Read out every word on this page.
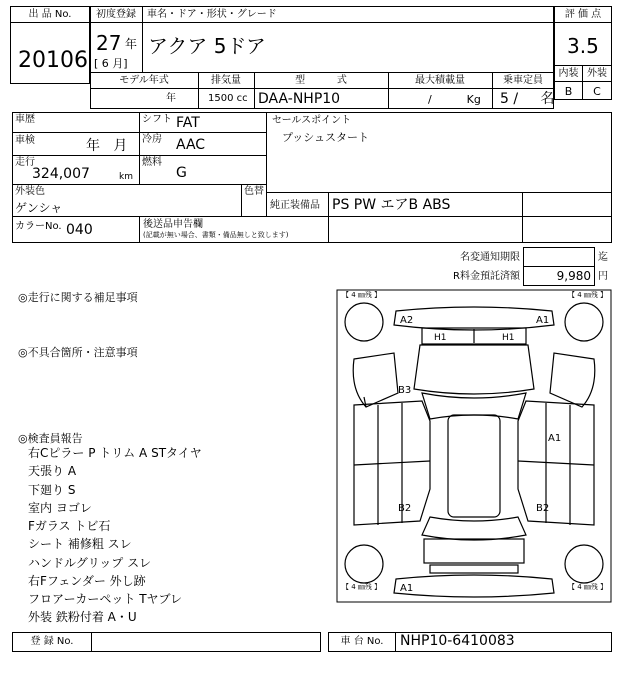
出 品 No.
20106
初度登録 車名・ドア・形状・グレード
27 年
[ 6 月]
アクア 5ドア
評 価 点
3.5
内装 外装
B	C
モデル年式	排気量	型          式	最大積載量	乗車定員
年	1500 cc DAA-NHP10	/          Kg 5 /     名
車歴
車検	年   月
走行
324,007	km
シフト FAT
冷房 AAC
燃料
G
セールスポイント
プッシュスタート
外装色
ゲンシャ
色替
純正装備品 PS PW エアB ABS
カラーNo. 040	後送品申告欄
(記載が無い場合、書類・備品無しと致します)
名変通知期限	迄
R料金預託済額	9,980 円
◎走行に関する補足事項
◎不具合箇所・注意事項
◎検査員報告
右Cピラー P トリム A STタイヤ
天張り A
下廻り S
室内 ヨゴレ
Fガラス トビ石
シート 補修粗 スレ
ハンドルグリップ スレ
右Fフェンダー 外し跡
フロアーカーペット Tヤブレ
外装 鉄粉付着 A・U
【 4 ㎜残 】	【 4 ㎜残 】
【 4 ㎜残 】	【 4 ㎜残 】
A2	A1
H1	H1
B3
A1
B2	B2
A1
登 録 No.	車 台 No.	NHP10-6410083
